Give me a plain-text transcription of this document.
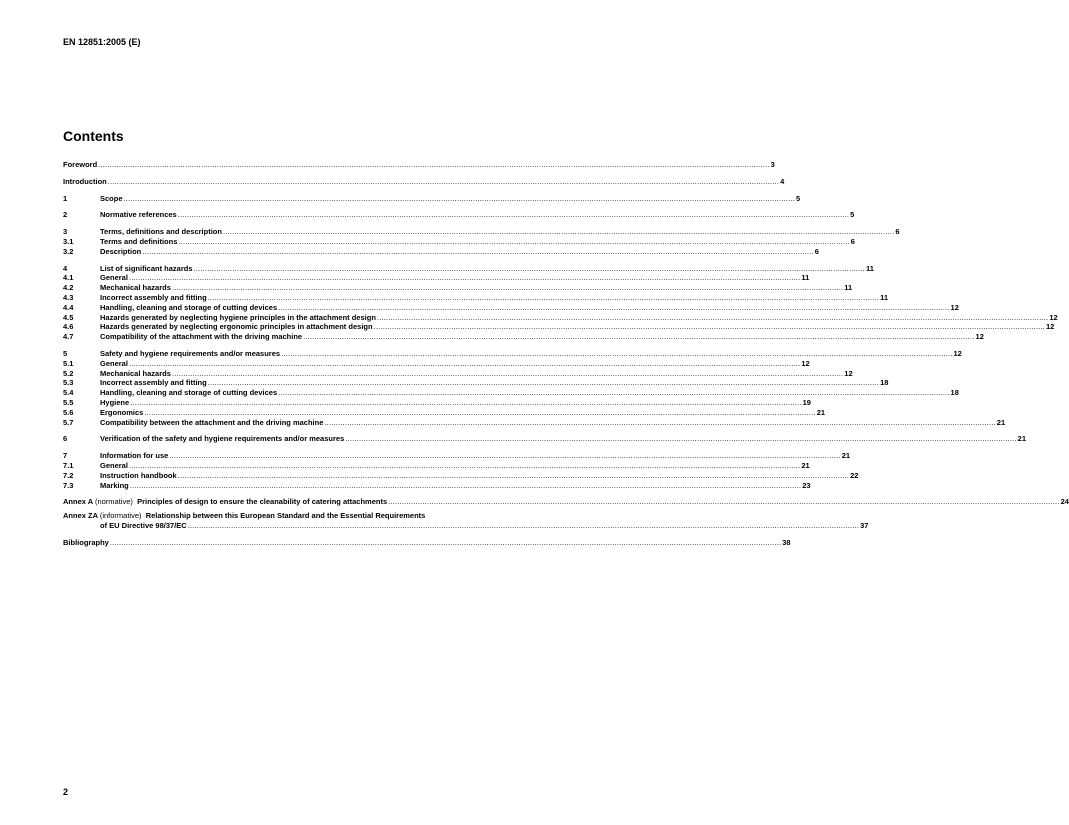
EN 12851:2005 (E)
Contents
Foreword .....	3
Introduction .....	4
1	Scope .....	5
2	Normative references .....	5
3	Terms, definitions and description .....	6
3.1	Terms and definitions .....	6
3.2	Description .....	6
4	List of significant hazards .....	11
4.1	General .....	11
4.2	Mechanical hazards .....	11
4.3	Incorrect assembly and fitting .....	11
4.4	Handling, cleaning and storage of cutting devices .....	12
4.5	Hazards generated by neglecting hygiene principles in the attachment design .....	12
4.6	Hazards generated by neglecting ergonomic principles in attachment design .....	12
4.7	Compatibility of the attachment with the driving machine .....	12
5	Safety and hygiene requirements and/or measures .....	12
5.1	General .....	12
5.2	Mechanical hazards .....	12
5.3	Incorrect assembly and fitting .....	18
5.4	Handling, cleaning and storage of cutting devices .....	18
5.5	Hygiene .....	19
5.6	Ergonomics .....	21
5.7	Compatibility between the attachment and the driving machine .....	21
6	Verification of the safety and hygiene requirements and/or measures .....	21
7	Information for use .....	21
7.1	General .....	21
7.2	Instruction handbook .....	22
7.3	Marking .....	23
Annex A (normative) Principles of design to ensure the cleanability of catering attachments .....	24
Annex ZA (informative) Relationship between this European Standard and the Essential Requirements
of EU Directive 98/37/EC .....	37
Bibliography .....	38
2
